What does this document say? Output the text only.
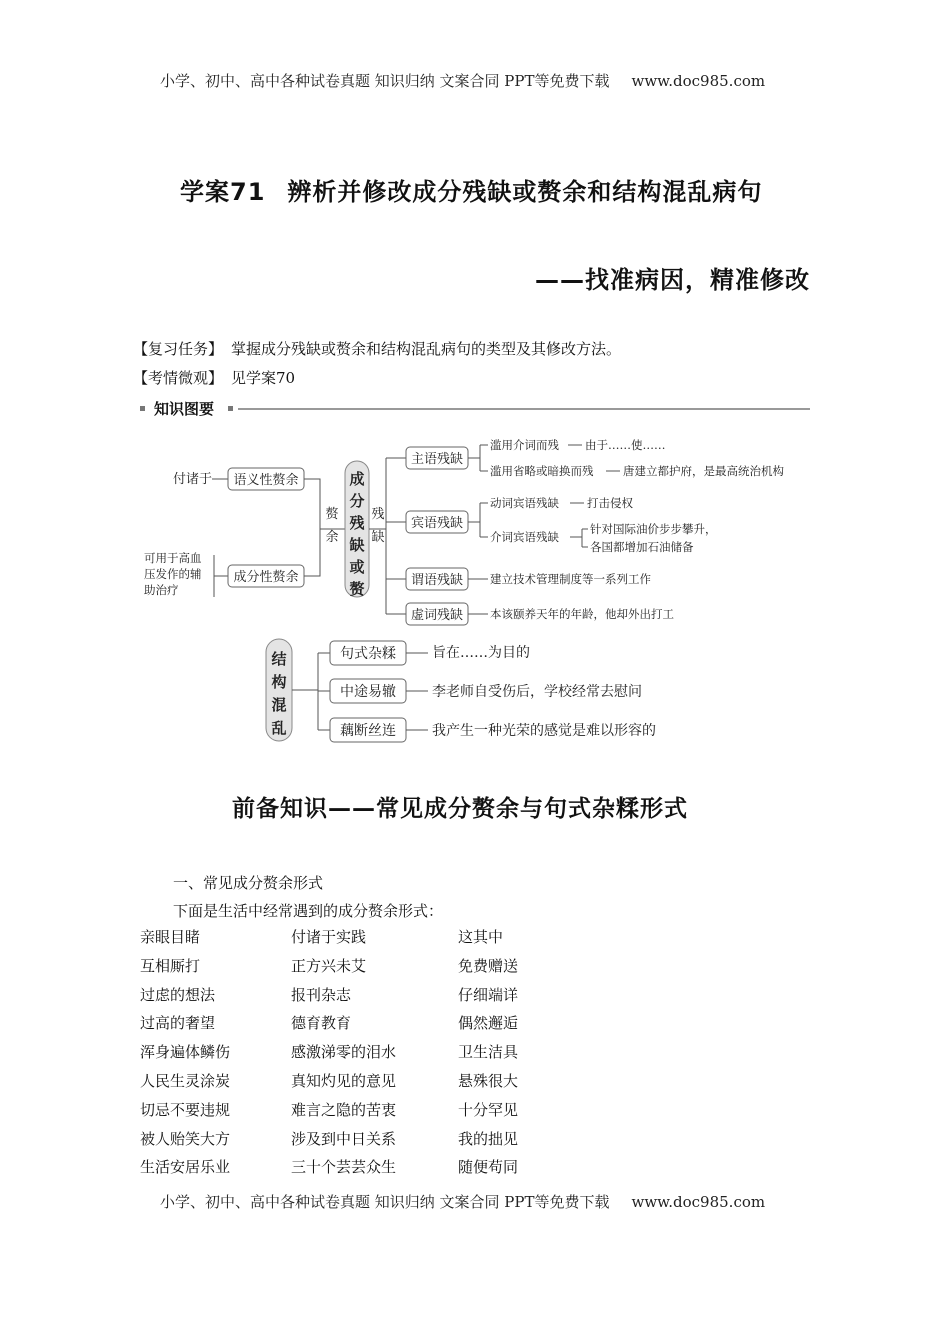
小学、初中、高中各种试卷真题 知识归纳 文案合同 PPT等免费下载 www.doc985.com
学案71 辨析并修改成分残缺或赘余和结构混乱病句
——找准病因，精准修改
【复习任务】 掌握成分残缺或赘余和结构混乱病句的类型及其修改方法。
【考情微观】 见学案70
知识图要
付诸于 语义性赘余
可用于高血
压发作的辅
助治疗
成分性赘余
赘
余
成
分
残
缺
或
赘
残
缺
主语残缺
滥用介词而残 由于……使……
滥用省略或暗换而残	唐建立都护府，是最高统治机构
宾语残缺
动词宾语残缺 打击侵权
介词宾语残缺
针对国际油价步步攀升，
各国都增加石油储备
谓语残缺 建立技术管理制度等一系列工作
虚词残缺 本该颐养天年的年龄，他却外出打工
结
构
混
乱
句式杂糅	旨在……为目的
中途易辙	李老师自受伤后，学校经常去慰问
藕断丝连	我产生一种光荣的感觉是难以形容的
前备知识——常见成分赘余与句式杂糅形式
一、常见成分赘余形式
下面是生活中经常遇到的成分赘余形式：
亲眼目睹	付诸于实践	这其中
互相厮打	正方兴未艾	免费赠送
过虑的想法	报刊杂志	仔细端详
过高的奢望	德育教育	偶然邂逅
浑身遍体鳞伤	感激涕零的泪水	卫生洁具
人民生灵涂炭	真知灼见的意见	悬殊很大
切忌不要违规	难言之隐的苦衷	十分罕见
被人贻笑大方	涉及到中日关系	我的拙见
生活安居乐业	三十个芸芸众生	随便苟同
小学、初中、高中各种试卷真题 知识归纳 文案合同 PPT等免费下载 www.doc985.com
